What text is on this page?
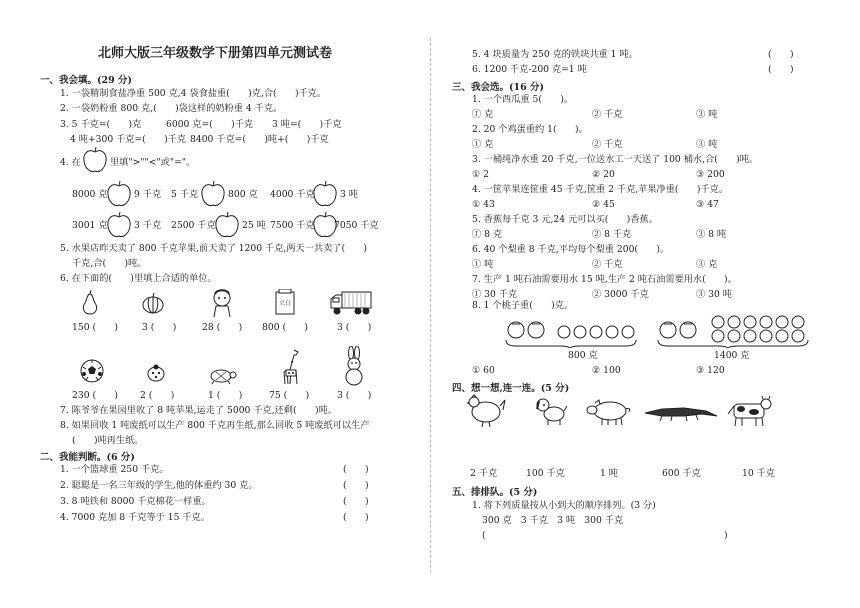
北师大版三年级数学下册第四单元测试卷
一、我会填。(29 分)
1. 一袋精制食盐净重 500 克,4 袋食盐重(　　)克,合(　　)千克。
2. 一袋奶粉重 800 克,(　　)袋这样的奶粉重 4 千克。
3. 5 千克=(　　)克	6000 克=(　　)千克 3 吨=(　　)千克
4 吨+300 千克=(　　)千克 8400 千克=(　　)吨+(　　)千克
4. 在	里填">""<"或"="。
8000 克	9 千克 5 千克	800 克 4000 千克	3 吨
3001 克	3 千克 2500 千克	25 吨 7500 千克 7050 千克
5. 水果店昨天卖了 800 千克苹果,前天卖了 1200 千克,两天一共卖了(　　)
千克,合(　　)吨。
6. 在下面的(　　)里填上合适的单位。
立白
150 (　　)	3 (　　)	28 (　　) 800 (　　)	3 (　　)
230 (　　) 2 (　　)	1 (　　)	75 (　　)	3 (　　)
7. 陈爷爷在果园里收了 8 吨苹果,运走了 5000 千克,还剩(　　)吨。
8. 如果回收 1 吨废纸可以生产 800 千克再生纸,那么回收 5 吨废纸可以生产
(　　)吨再生纸。
二、我能判断。(6 分)
1. 一个篮球重 250 千克。	(　　)
2. 聪聪是一名三年级的学生,他的体重约 30 克。	(　　)
3. 8 吨铁和 8000 千克棉花一样重。	(　　)
4. 7000 克加 8 千克等于 15 千克。	(　　)
5. 4 块质量为 250 克的铁块共重 1 吨。	(　　)
6. 1200 千克-200 克=1 吨	(　　)
三、我会选。(16 分)
1. 一个西瓜重 5(　　)。
① 克	② 千克	③ 吨
2. 20 个鸡蛋重约 1(　　)。
① 克	② 千克	③ 吨
3. 一桶纯净水重 20 千克,一位送水工一天送了 100 桶水,合(　　)吨。
① 2	② 20	③ 200
4. 一筐苹果连筐重 45 千克,筐重 2 千克,苹果净重(　　)千克。
① 43	② 45	③ 47
5. 香蕉每千克 3 元,24 元可以买(　　)香蕉。
① 8 克	② 8 千克	③ 8 吨
6. 40 个梨重 8 千克,平均每个梨重 200(　　)。
① 吨	② 千克	③ 克
7. 生产 1 吨石油需要用水 15 吨,生产 2 吨石油需要用水(　　)。
① 30 千克	② 3000 千克	③ 30 吨
8. 1 个桃子重(　　)克。
800 克	1400 克
① 60	② 100	③ 120
四、想一想,连一连。(5 分)
2 千克	100 千克	1 吨	600 千克	10 千克
五、排排队。(5 分)
1. 将下列质量按从小到大的顺序排列。(3 分)
300 克　3 千克　3 吨　300 千克
(	)
